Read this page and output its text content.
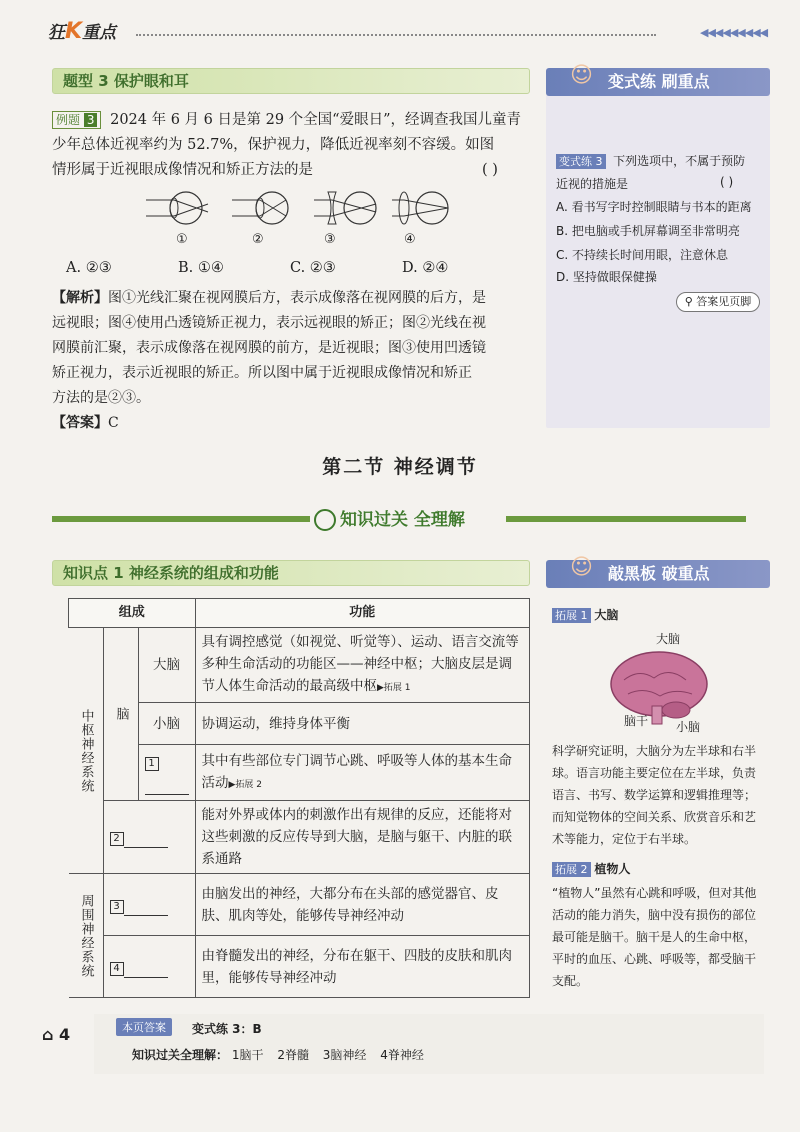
狂K重点	◀◀◀◀◀◀◀◀◀
题型 3 保护眼和耳
例题 3 2024 年 6 月 6 日是第 29 个全国“爱眼日”，经调查我国儿童青
少年总体近视率约为 52.7%，保护视力，降低近视率刻不容缓。如图
情形属于近视眼成像情况和矫正方法的是	( )
①	②	③	④
A. ②③	B. ①④	C. ②③	D. ②④
【解析】图①光线汇聚在视网膜后方，表示成像落在视网膜的后方，是
远视眼；图④使用凸透镜矫正视力，表示远视眼的矫正；图②光线在视
网膜前汇聚，表示成像落在视网膜的前方，是近视眼；图③使用凹透镜
矫正视力，表示近视眼的矫正。所以图中属于近视眼成像情况和矫正
方法的是②③。
【答案】C
☺ 变式练 刷重点
变式练 3 下列选项中，不属于预防
近视的措施是	( )
A. 看书写字时控制眼睛与书本的距离
B. 把电脑或手机屏幕调至非常明亮
C. 不持续长时间用眼，注意休息
D. 坚持做眼保健操
⚲ 答案见页脚
第二节 神经调节
知识过关 全理解
知识点 1 神经系统的组成和功能
组成			功能
中枢神经系统	脑	大脑	具有调控感觉（如视觉、听觉等）、运动、语言交流等多种生命活动的功能区——神经中枢；大脑皮层是调节人体生命活动的最高级中枢▶拓展 1
		小脑	协调运动，维持身体平衡
		1	其中有些部位专门调节心跳、呼吸等人体的基本生命活动▶拓展 2
	2		能对外界或体内的刺激作出有规律的反应，还能将对这些刺激的反应传导到大脑，是脑与躯干、内脏的联系通路
周围神经系统	3		由脑发出的神经，大都分布在头部的感觉器官、皮肤、肌肉等处，能够传导神经冲动
	4		由脊髓发出的神经，分布在躯干、四肢的皮肤和肌肉里，能够传导神经冲动
☺ 敲黑板 破重点
拓展 1 大脑
大脑
脑干	小脑
科学研究证明，大脑分为左半球和右半球。语言功能主要定位在左半球，负责语言、书写、数学运算和逻辑推理等；而知觉物体的空间关系、欣赏音乐和艺术等能力，定位于右半球。
拓展 2 植物人
“植物人”虽然有心跳和呼吸，但对其他活动的能力消失，脑中没有损伤的部位最可能是脑干。脑干是人的生命中枢，平时的血压、心跳、呼吸等，都受脑干支配。
⌂ 4	本页答案	变式练 3：B
知识过关全理解： 1脑干 2脊髓 3脑神经 4脊神经
